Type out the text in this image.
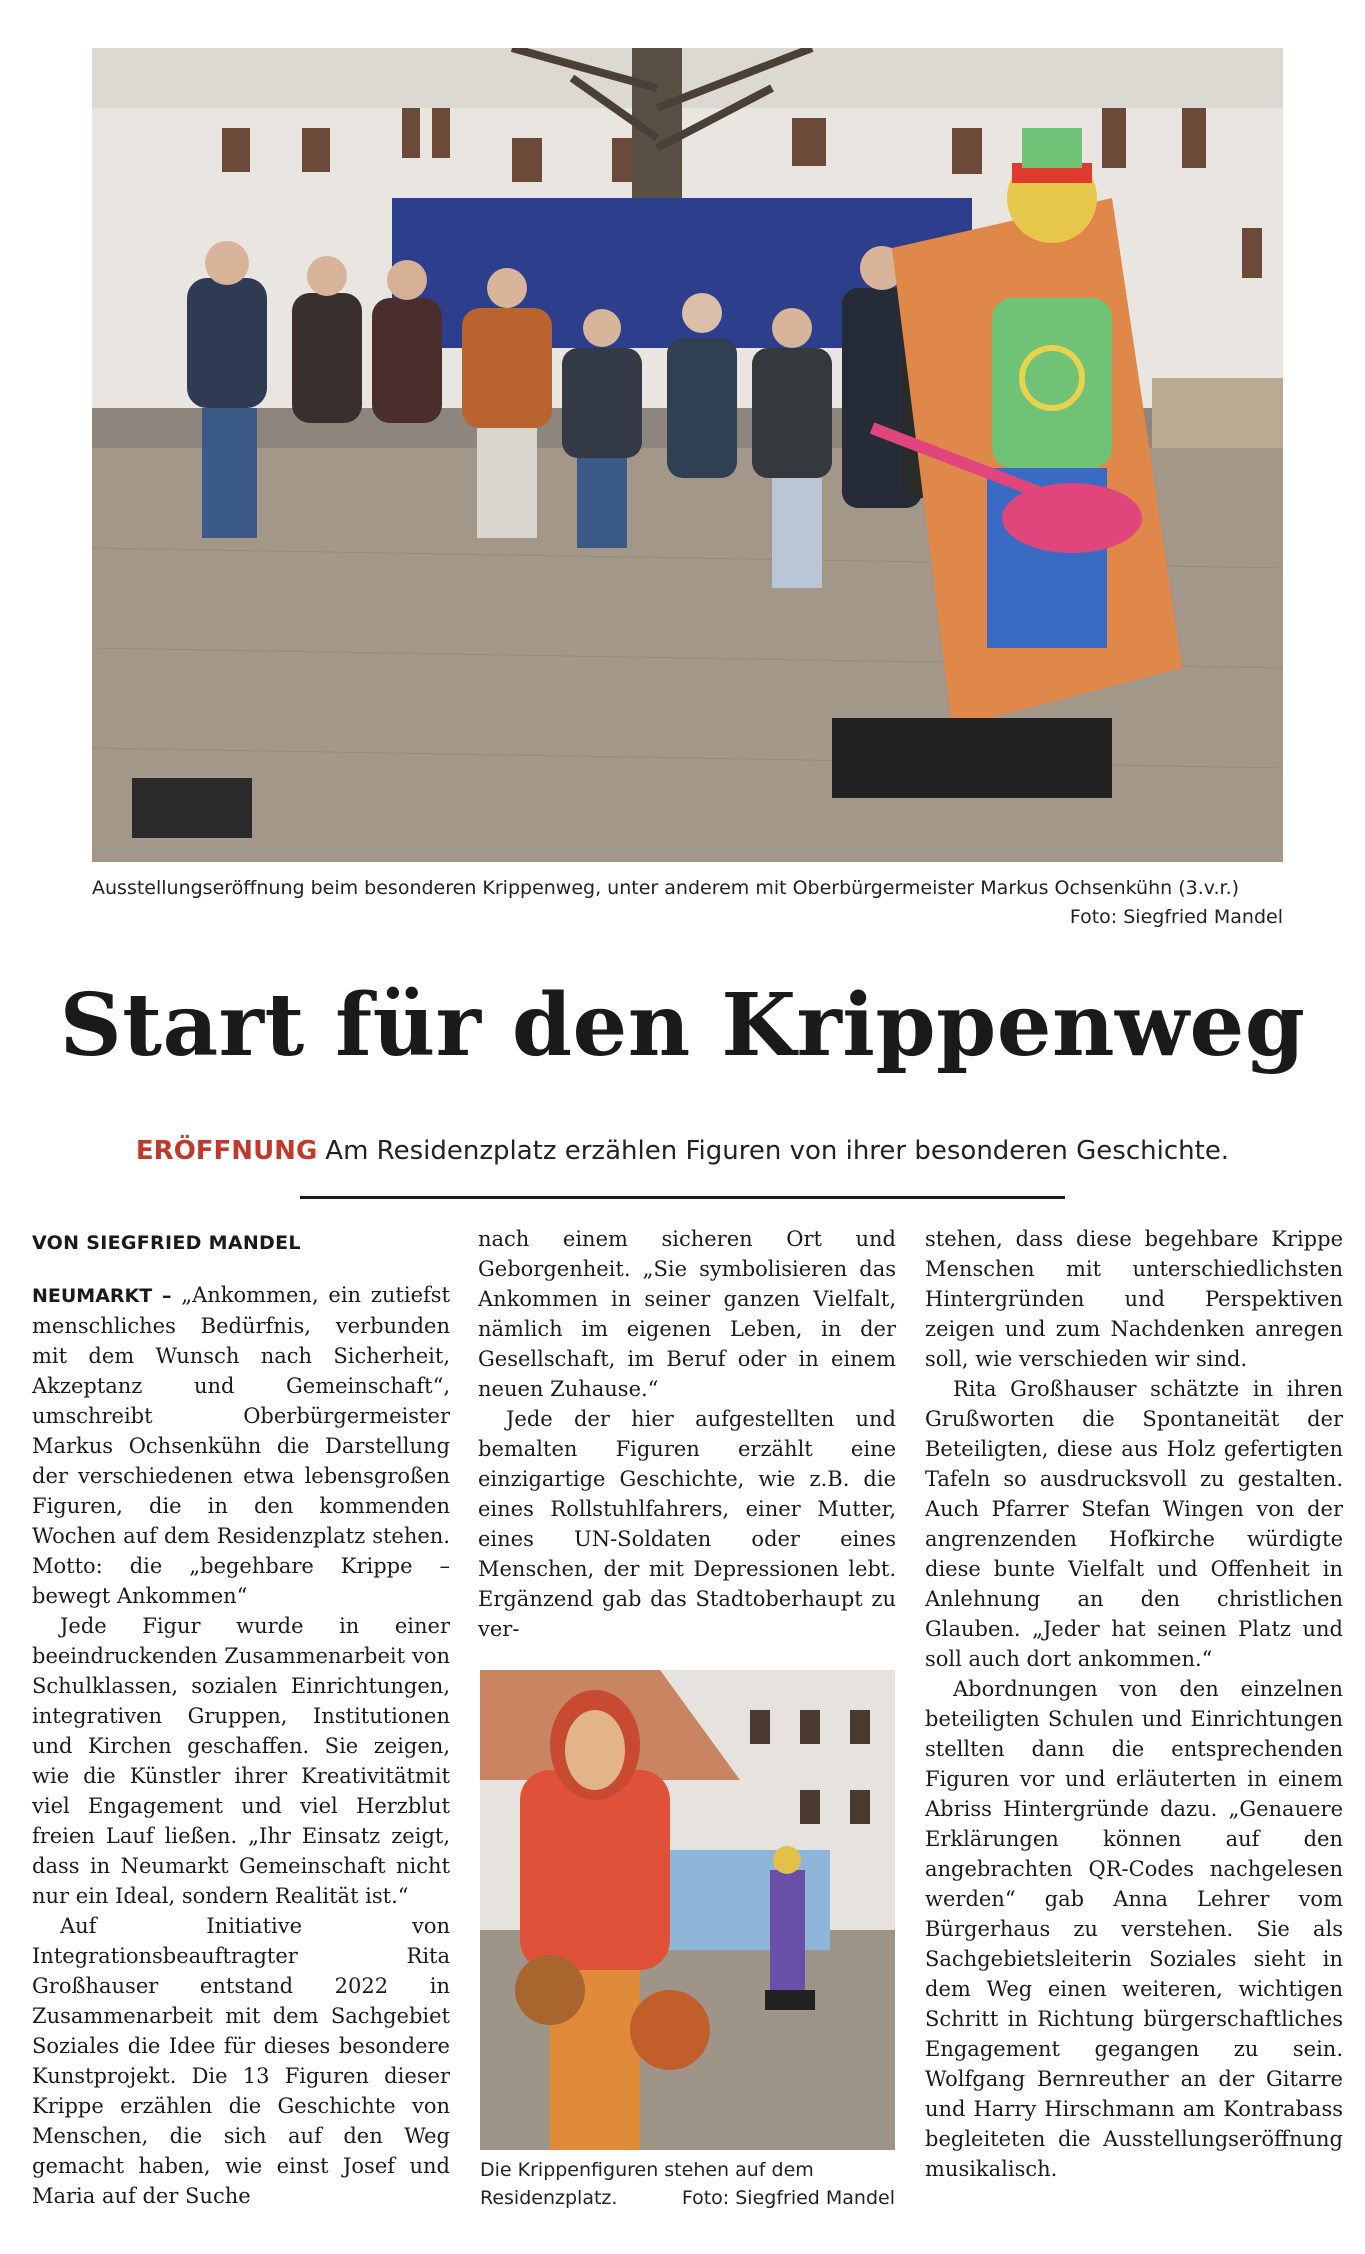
Ausstellungseröffnung beim besonderen Krippenweg, unter anderem mit Oberbürgermeister Markus Ochsenkühn (3.v.r.)
Foto: Siegfried Mandel
Start für den Krippenweg
ERÖFFNUNG Am Residenzplatz erzählen Figuren von ihrer besonderen Geschichte.

VON SIEGFRIED MANDEL

NEUMARKT – „Ankommen, ein zutiefst menschliches Bedürfnis, verbunden mit dem Wunsch nach Sicherheit, Akzeptanz und Gemeinschaft“, umschreibt Oberbürgermeister Markus Ochsenkühn die Darstellung der verschiedenen etwa lebensgroßen Figuren, die in den kommenden Wochen auf dem Residenzplatz stehen. Motto: die „begehbare Krippe – bewegt Ankommen“

Jede Figur wurde in einer beeindruckenden Zusammenarbeit von Schulklassen, sozialen Einrichtungen, integrativen Gruppen, Institutionen und Kirchen geschaffen. Sie zeigen, wie die Künstler ihrer Kreativitätmit viel Engagement und viel Herzblut freien Lauf ließen. „Ihr Einsatz zeigt, dass in Neumarkt Gemeinschaft nicht nur ein Ideal, sondern Realität ist.“

Auf Initiative von Integrationsbeauftragter Rita Großhauser entstand 2022 in Zusammenarbeit mit dem Sachgebiet Soziales die Idee für dieses besondere Kunstprojekt. Die 13 Figuren dieser Krippe erzählen die Geschichte von Menschen, die sich auf den Weg gemacht haben, wie einst Josef und Maria auf der Suche

nach einem sicheren Ort und Geborgenheit. „Sie symbolisieren das Ankommen in seiner ganzen Vielfalt, nämlich im eigenen Leben, in der Gesellschaft, im Beruf oder in einem neuen Zuhause.“

Jede der hier aufgestellten und bemalten Figuren erzählt eine einzigartige Geschichte, wie z.B. die eines Rollstuhlfahrers, einer Mutter, eines UN-Soldaten oder eines Menschen, der mit Depressionen lebt. Ergänzend gab das Stadtoberhaupt zu ver-

Die Krippenfiguren stehen auf dem Residenzplatz.	Foto: Siegfried Mandel

stehen, dass diese begehbare Krippe Menschen mit unterschiedlichsten Hintergründen und Perspektiven zeigen und zum Nachdenken anregen soll, wie verschieden wir sind.

Rita Großhauser schätzte in ihren Grußworten die Spontaneität der Beteiligten, diese aus Holz gefertigten Tafeln so ausdrucksvoll zu gestalten. Auch Pfarrer Stefan Wingen von der angrenzenden Hofkirche würdigte diese bunte Vielfalt und Offenheit in Anlehnung an den christlichen Glauben. „Jeder hat seinen Platz und soll auch dort ankommen.“

Abordnungen von den einzelnen beteiligten Schulen und Einrichtungen stellten dann die entsprechenden Figuren vor und erläuterten in einem Abriss Hintergründe dazu. „Genauere Erklärungen können auf den angebrachten QR-Codes nachgelesen werden“ gab Anna Lehrer vom Bürgerhaus zu verstehen. Sie als Sachgebietsleiterin Soziales sieht in dem Weg einen weiteren, wichtigen Schritt in Richtung bürgerschaftliches Engagement gegangen zu sein. Wolfgang Bernreuther an der Gitarre und Harry Hirschmann am Kontrabass begleiteten die Ausstellungseröffnung musikalisch.
